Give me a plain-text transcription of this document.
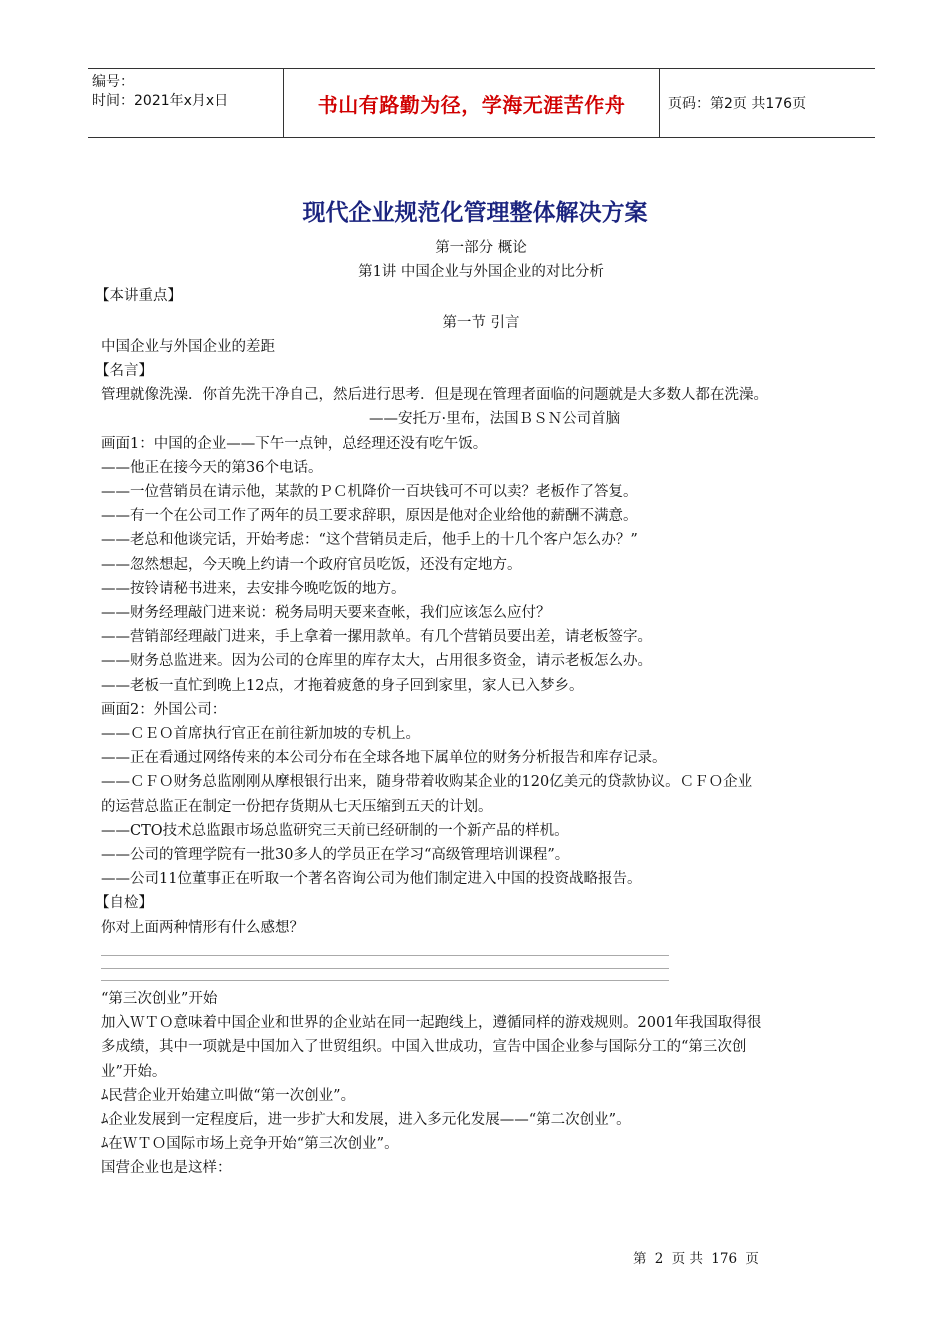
编号：
时间：2021年x月x日	书山有路勤为径，学海无涯苦作舟	页码：第2页 共176页
现代企业规范化管理整体解决方案
第一部分 概论
第1讲 中国企业与外国企业的对比分析
【本讲重点】
第一节 引言
中国企业与外国企业的差距
【名言】
管理就像洗澡．你首先洗干净自己，然后进行思考．但是现在管理者面临的问题就是大多数人都在洗澡。
——安托万·里布，法国ＢＳＮ公司首脑
画面1：中国的企业——下午一点钟，总经理还没有吃午饭。
——他正在接今天的第36个电话。
——一位营销员在请示他，某款的ＰＣ机降价一百块钱可不可以卖？老板作了答复。
——有一个在公司工作了两年的员工要求辞职，原因是他对企业给他的薪酬不满意。
——老总和他谈完话，开始考虑：“这个营销员走后，他手上的十几个客户怎么办？”
——忽然想起，今天晚上约请一个政府官员吃饭，还没有定地方。
——按铃请秘书进来，去安排今晚吃饭的地方。
——财务经理敲门进来说：税务局明天要来查帐，我们应该怎么应付？
——营销部经理敲门进来，手上拿着一摞用款单。有几个营销员要出差，请老板签字。
——财务总监进来。因为公司的仓库里的库存太大，占用很多资金，请示老板怎么办。
——老板一直忙到晚上12点，才拖着疲惫的身子回到家里，家人已入梦乡。
画面2：外国公司：
——ＣＥＯ首席执行官正在前往新加坡的专机上。
——正在看通过网络传来的本公司分布在全球各地下属单位的财务分析报告和库存记录。
——ＣＦＯ财务总监刚刚从摩根银行出来，随身带着收购某企业的120亿美元的贷款协议。ＣＦＯ企业
的运营总监正在制定一份把存货期从七天压缩到五天的计划。
——CTO技术总监跟市场总监研究三天前已经研制的一个新产品的样机。
——公司的管理学院有一批30多人的学员正在学习“高级管理培训课程”。
——公司11位董事正在听取一个著名咨询公司为他们制定进入中国的投资战略报告。
【自检】
你对上面两种情形有什么感想？
“第三次创业”开始
加入ＷＴＯ意味着中国企业和世界的企业站在同一起跑线上，遵循同样的游戏规则。2001年我国取得很
多成绩，其中一项就是中国加入了世贸组织。中国入世成功，宣告中国企业参与国际分工的“第三次创
业”开始。
ﾑ民营企业开始建立叫做“第一次创业”。
ﾑ企业发展到一定程度后，进一步扩大和发展，进入多元化发展——“第二次创业”。
ﾑ在ＷＴＯ国际市场上竞争开始“第三次创业”。
国营企业也是这样：
第 2 页 共 176 页
